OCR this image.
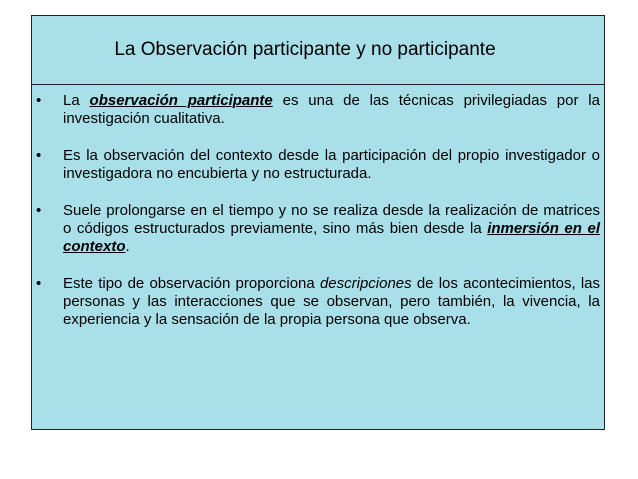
La Observación participante y no participante
• La observación participante es una de las técnicas privilegiadas por la investigación cualitativa.
• Es la observación del contexto desde la participación del propio investigador o investigadora no encubierta y no estructurada.
• Suele prolongarse en el tiempo y no se realiza desde la realización de matrices o códigos estructurados previamente, sino más bien desde la inmersión en el contexto.
• Este tipo de observación proporciona descripciones de los acontecimientos, las personas y las interacciones que se observan, pero también, la vivencia, la experiencia y la sensación de la propia persona que observa.
